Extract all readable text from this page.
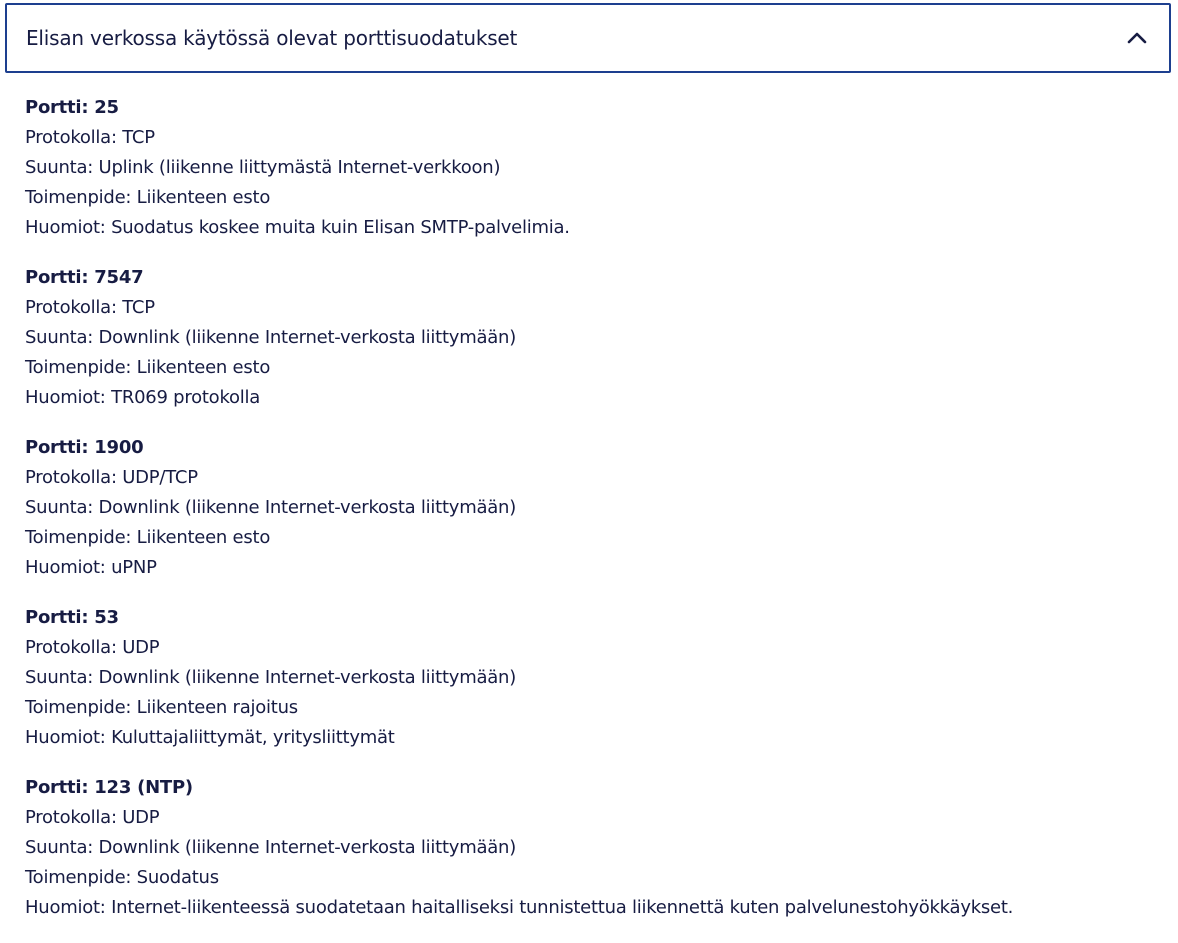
Elisan verkossa käytössä olevat porttisuodatukset
Portti: 25
Protokolla: TCP
Suunta: Uplink (liikenne liittymästä Internet-verkkoon)
Toimenpide: Liikenteen esto
Huomiot: Suodatus koskee muita kuin Elisan SMTP-palvelimia.
Portti: 7547
Protokolla: TCP
Suunta: Downlink (liikenne Internet-verkosta liittymään)
Toimenpide: Liikenteen esto
Huomiot: TR069 protokolla
Portti: 1900
Protokolla: UDP/TCP
Suunta: Downlink (liikenne Internet-verkosta liittymään)
Toimenpide: Liikenteen esto
Huomiot: uPNP
Portti: 53
Protokolla: UDP
Suunta: Downlink (liikenne Internet-verkosta liittymään)
Toimenpide: Liikenteen rajoitus
Huomiot: Kuluttajaliittymät, yritysliittymät
Portti: 123 (NTP)
Protokolla: UDP
Suunta: Downlink (liikenne Internet-verkosta liittymään)
Toimenpide: Suodatus
Huomiot: Internet-liikenteessä suodatetaan haitalliseksi tunnistettua liikennettä kuten palvelunestohyökkäykset.
